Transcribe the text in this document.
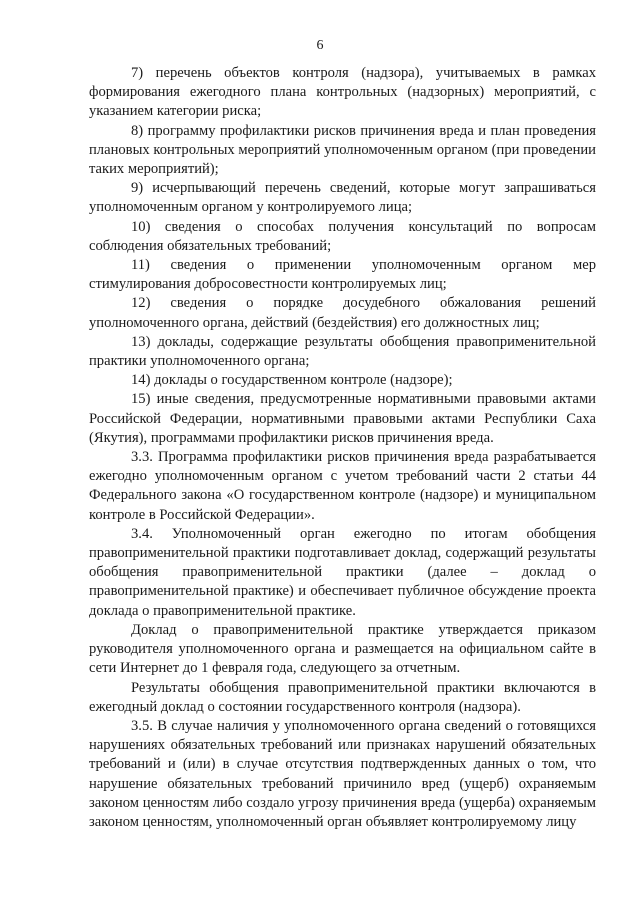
6

7) перечень объектов контроля (надзора), учитываемых в рамках формирования ежегодного плана контрольных (надзорных) мероприятий, с указанием категории риска;

8) программу профилактики рисков причинения вреда и план проведения плановых контрольных мероприятий уполномоченным органом (при проведении таких мероприятий);

9) исчерпывающий перечень сведений, которые могут запрашиваться уполномоченным органом у контролируемого лица;

10) сведения о способах получения консультаций по вопросам соблюдения обязательных требований;

11) сведения о применении уполномоченным органом мер стимулирования добросовестности контролируемых лиц;

12) сведения о порядке досудебного обжалования решений уполномоченного органа, действий (бездействия) его должностных лиц;

13) доклады, содержащие результаты обобщения правоприменительной практики уполномоченного органа;

14) доклады о государственном контроле (надзоре);

15) иные сведения, предусмотренные нормативными правовыми актами Российской Федерации, нормативными правовыми актами Республики Саха (Якутия), программами профилактики рисков причинения вреда.

3.3. Программа профилактики рисков причинения вреда разрабатывается ежегодно уполномоченным органом с учетом требований части 2 статьи 44 Федерального закона «О государственном контроле (надзоре) и муниципальном контроле в Российской Федерации».

3.4. Уполномоченный орган ежегодно по итогам обобщения правоприменительной практики подготавливает доклад, содержащий результаты обобщения правоприменительной практики (далее – доклад о правоприменительной практике) и обеспечивает публичное обсуждение проекта доклада о правоприменительной практике.

Доклад о правоприменительной практике утверждается приказом руководителя уполномоченного органа и размещается на официальном сайте в сети Интернет до 1 февраля года, следующего за отчетным.

Результаты обобщения правоприменительной практики включаются в ежегодный доклад о состоянии государственного контроля (надзора).

3.5. В случае наличия у уполномоченного органа сведений о готовящихся нарушениях обязательных требований или признаках нарушений обязательных требований и (или) в случае отсутствия подтвержденных данных о том, что нарушение обязательных требований причинило вред (ущерб) охраняемым законом ценностям либо создало угрозу причинения вреда (ущерба) охраняемым законом ценностям, уполномоченный орган объявляет контролируемому лицу
